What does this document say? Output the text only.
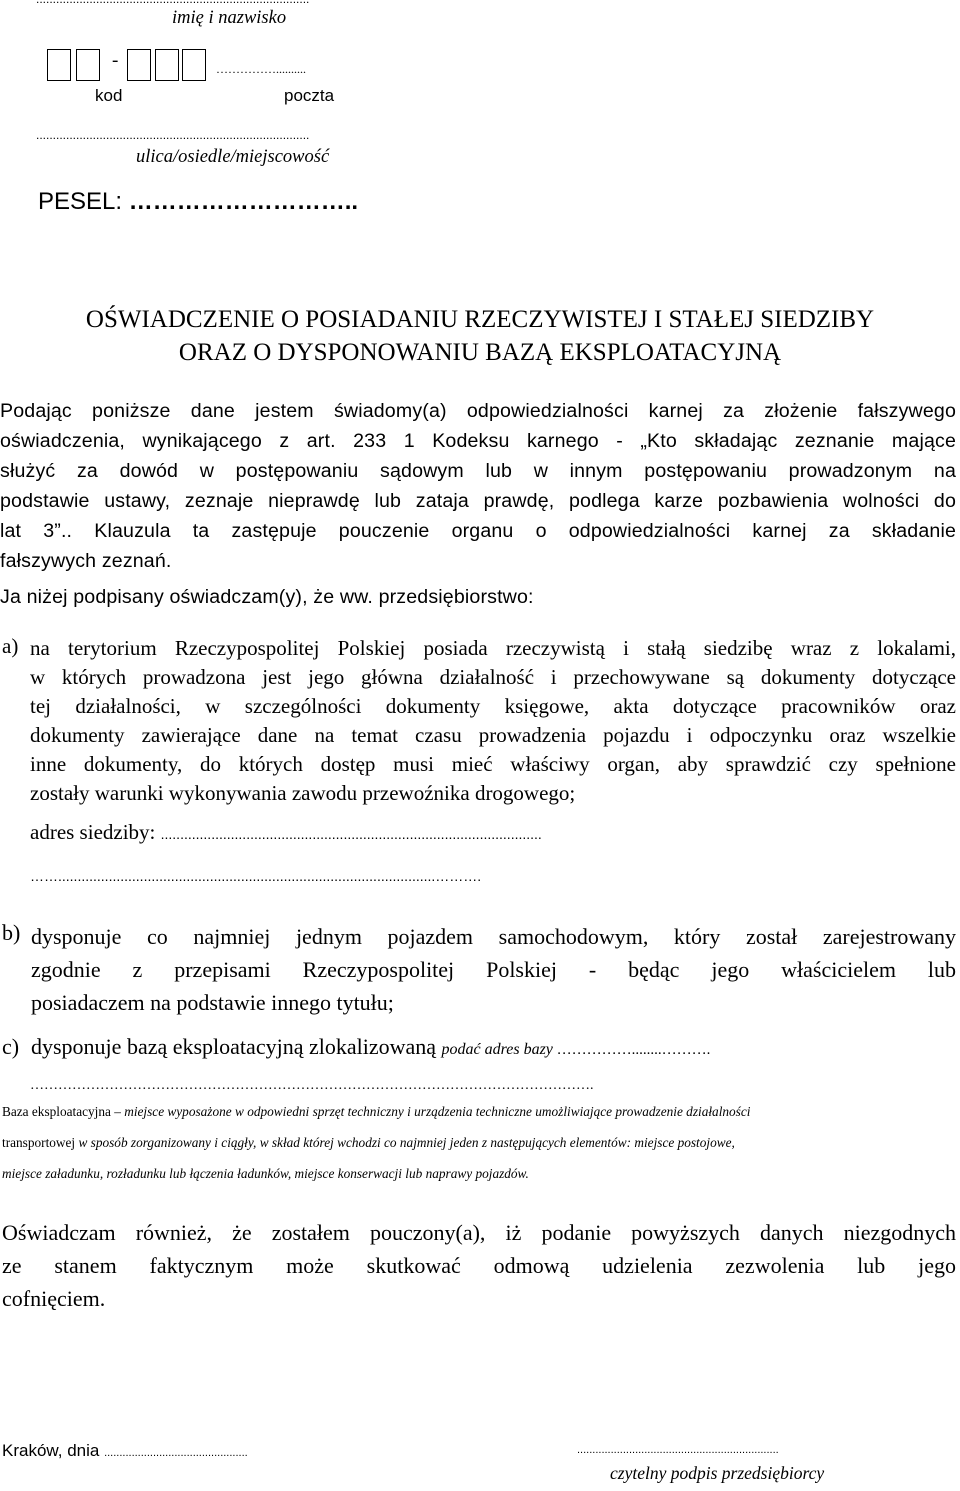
imię i nazwisko
-	……………..........
kod	poczta
..................................................................................
ulica/osiedle/miejscowość
PESEL: ………………………..
OŚWIADCZENIE O POSIADANIU RZECZYWISTEJ I STAŁEJ SIEDZIBY
ORAZ O DYSPONOWANIU BAZĄ EKSPLOATACYJNĄ
Podając poniższe dane jestem świadomy(a) odpowiedzialności karnej za złożenie fałszywego
oświadczenia, wynikającego z art. 233 1 Kodeksu karnego - „Kto składając zeznanie mające
służyć za dowód w postępowaniu sądowym lub w innym postępowaniu prowadzonym na
podstawie ustawy, zeznaje nieprawdę lub zataja prawdę, podlega karze pozbawienia wolności do
lat 3”.. Klauzula ta zastępuje pouczenie organu o odpowiedzialności karnej za składanie
fałszywych zeznań.
Ja niżej podpisany oświadczam(y), że ww. przedsiębiorstwo:
a) na terytorium Rzeczypospolitej Polskiej posiada rzeczywistą i stałą siedzibę wraz z lokalami,
w których prowadzona jest jego główna działalność i przechowywane są dokumenty dotyczące
tej działalności, w szczególności dokumenty księgowe, akta dotyczące pracowników oraz
dokumenty zawierające dane na temat czasu prowadzenia pojazdu i odpoczynku oraz wszelkie
inne dokumenty, do których dostęp musi mieć właściwy organ, aby sprawdzić czy spełnione
zostały warunki wykonywania zawodu przewoźnika drogowego;
adres siedziby: ..................................................................................................
…….................................................................................................……….
b) dysponuje co najmniej jednym pojazdem samochodowym, który został zarejestrowany
zgodnie z przepisami Rzeczypospolitej Polskiej - będąc jego właścicielem lub
posiadaczem na podstawie innego tytułu;
c) dysponuje bazą eksploatacyjną zlokalizowaną podać adres bazy ……………........……….
………………………………………………………………………………………………………….
Baza eksploatacyjna – miejsce wyposażone w odpowiedni sprzęt techniczny i urządzenia techniczne umożliwiające prowadzenie działalności
transportowej w sposób zorganizowany i ciągły, w skład której wchodzi co najmniej jeden z następujących elementów: miejsce postojowe,
miejsce załadunku, rozładunku lub łączenia ładunków, miejsce konserwacji lub naprawy pojazdów.
Oświadczam również, że zostałem pouczony(a), iż podanie powyższych danych niezgodnych
ze stanem faktycznym może skutkować odmową udzielenia zezwolenia lub jego
cofnięciem.
Kraków, dnia ...............................................	..................................................................
czytelny podpis przedsiębiorcy
